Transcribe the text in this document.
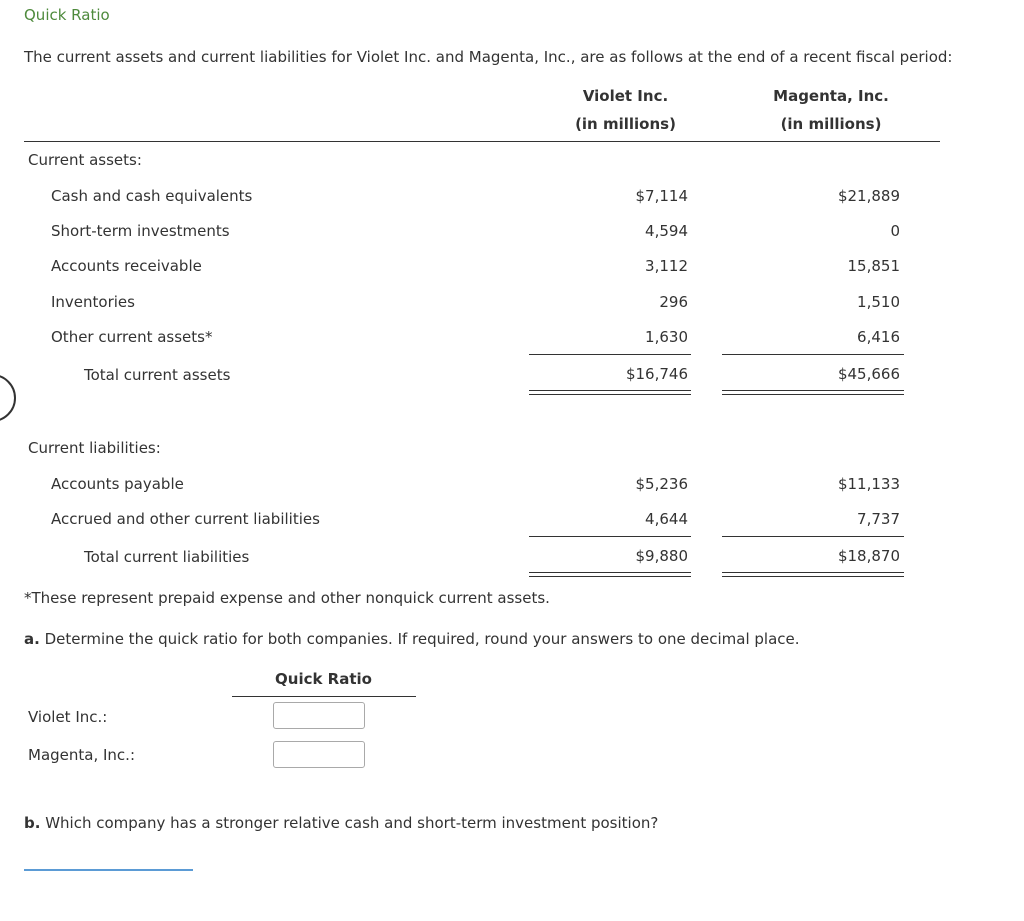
Quick Ratio
The current assets and current liabilities for Violet Inc. and Magenta, Inc., are as follows at the end of a recent fiscal period:
Violet Inc.
(in millions)
Magenta, Inc.
(in millions)
Current assets:
Cash and cash equivalents	$7,114	$21,889
Short-term investments	4,594	0
Accounts receivable	3,112	15,851
Inventories	296	1,510
Other current assets*	1,630	6,416
Total current assets	$16,746	$45,666
Current liabilities:
Accounts payable	$5,236	$11,133
Accrued and other current liabilities	4,644	7,737
Total current liabilities	$9,880	$18,870
*These represent prepaid expense and other nonquick current assets.
a. Determine the quick ratio for both companies. If required, round your answers to one decimal place.
Quick Ratio
Violet Inc.:
Magenta, Inc.:
b. Which company has a stronger relative cash and short-term investment position?
